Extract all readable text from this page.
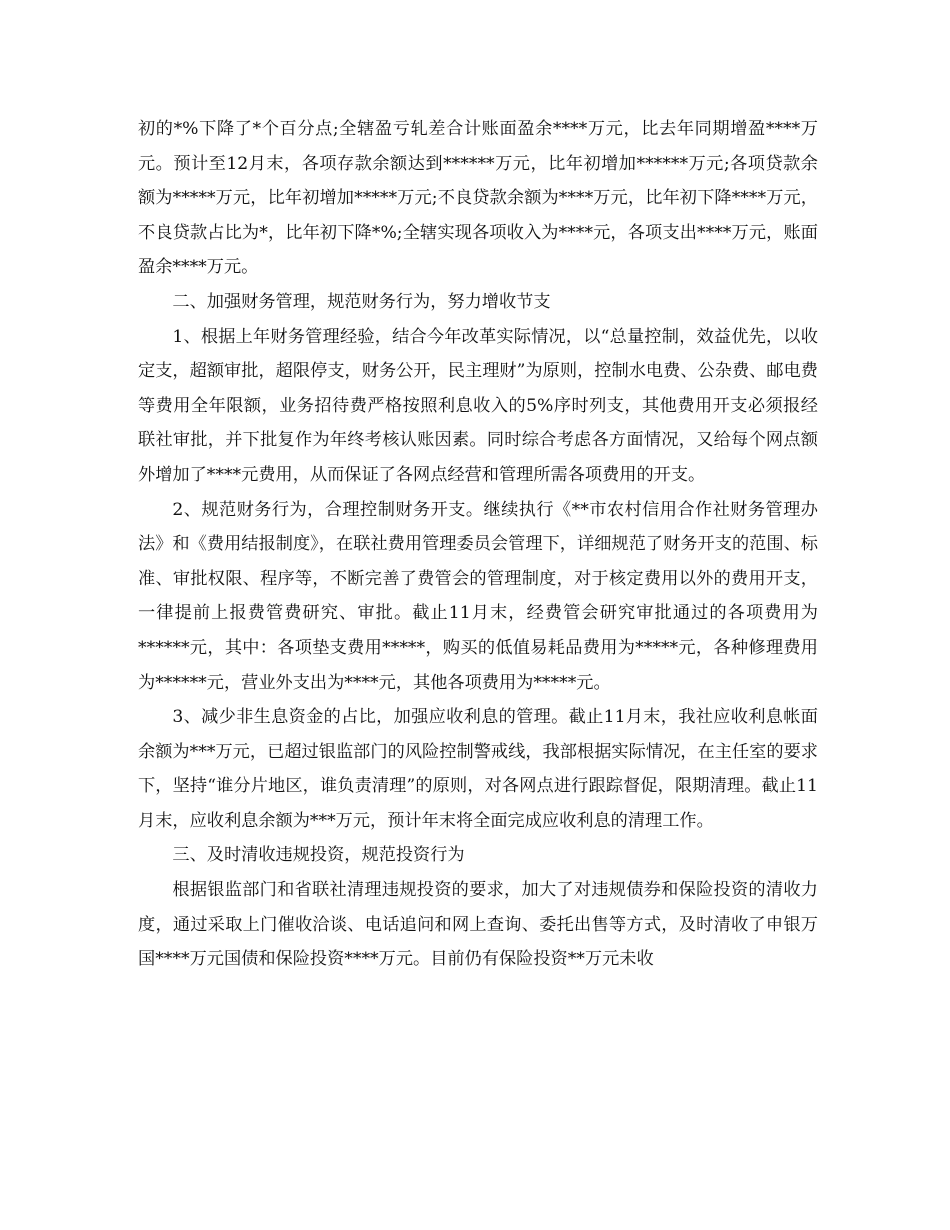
初的*%下降了*个百分点;全辖盈亏轧差合计账面盈余****万元，比去年同期增盈****万元。预计至12月末，各项存款余额达到******万元，比年初增加******万元;各项贷款余额为*****万元，比年初增加*****万元;不良贷款余额为****万元，比年初下降****万元，不良贷款占比为*，比年初下降*%;全辖实现各项收入为****元，各项支出****万元，账面盈余****万元。

二、加强财务管理，规范财务行为，努力增收节支

1、根据上年财务管理经验，结合今年改革实际情况，以“总量控制，效益优先，以收定支，超额审批，超限停支，财务公开，民主理财”为原则，控制水电费、公杂费、邮电费等费用全年限额，业务招待费严格按照利息收入的5%序时列支，其他费用开支必须报经联社审批，并下批复作为年终考核认账因素。同时综合考虑各方面情况，又给每个网点额外增加了****元费用，从而保证了各网点经营和管理所需各项费用的开支。

2、规范财务行为，合理控制财务开支。继续执行《**市农村信用合作社财务管理办法》和《费用结报制度》，在联社费用管理委员会管理下，详细规范了财务开支的范围、标准、审批权限、程序等，不断完善了费管会的管理制度，对于核定费用以外的费用开支，一律提前上报费管费研究、审批。截止11月末，经费管会研究审批通过的各项费用为******元，其中：各项垫支费用*****，购买的低值易耗品费用为*****元，各种修理费用为******元，营业外支出为****元，其他各项费用为*****元。

3、减少非生息资金的占比，加强应收利息的管理。截止11月末，我社应收利息帐面余额为***万元，已超过银监部门的风险控制警戒线，我部根据实际情况，在主任室的要求下，坚持“谁分片地区，谁负责清理”的原则，对各网点进行跟踪督促，限期清理。截止11月末，应收利息余额为***万元，预计年末将全面完成应收利息的清理工作。

三、及时清收违规投资，规范投资行为

根据银监部门和省联社清理违规投资的要求，加大了对违规债券和保险投资的清收力度，通过采取上门催收洽谈、电话追问和网上查询、委托出售等方式，及时清收了申银万国****万元国债和保险投资****万元。目前仍有保险投资**万元未收
